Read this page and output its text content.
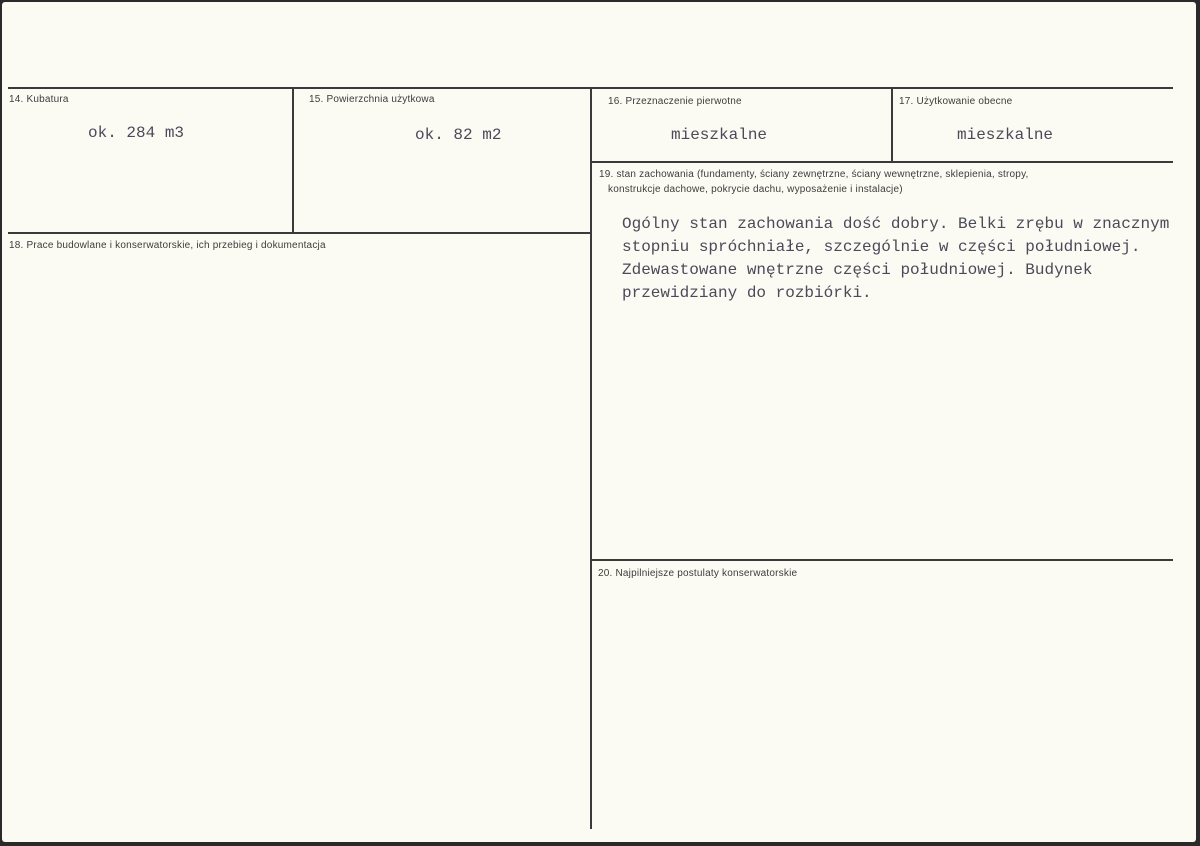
14. Kubatura
ok. 284 m3
15. Powierzchnia użytkowa
ok. 82 m2
16. Przeznaczenie pierwotne
mieszkalne
17. Użytkowanie obecne
mieszkalne
18. Prace budowlane i konserwatorskie, ich przebieg i dokumentacja
19. stan zachowania (fundamenty, ściany zewnętrzne, ściany wewnętrzne, sklepienia, stropy,
konstrukcje dachowe, pokrycie dachu, wyposażenie i instalacje)
Ogólny stan zachowania dość dobry. Belki zrębu w znacznym
stopniu spróchniałe, szczególnie w części południowej.
Zdewastowane wnętrzne części południowej. Budynek
przewidziany do rozbiórki.
20. Najpilniejsze postulaty konserwatorskie
